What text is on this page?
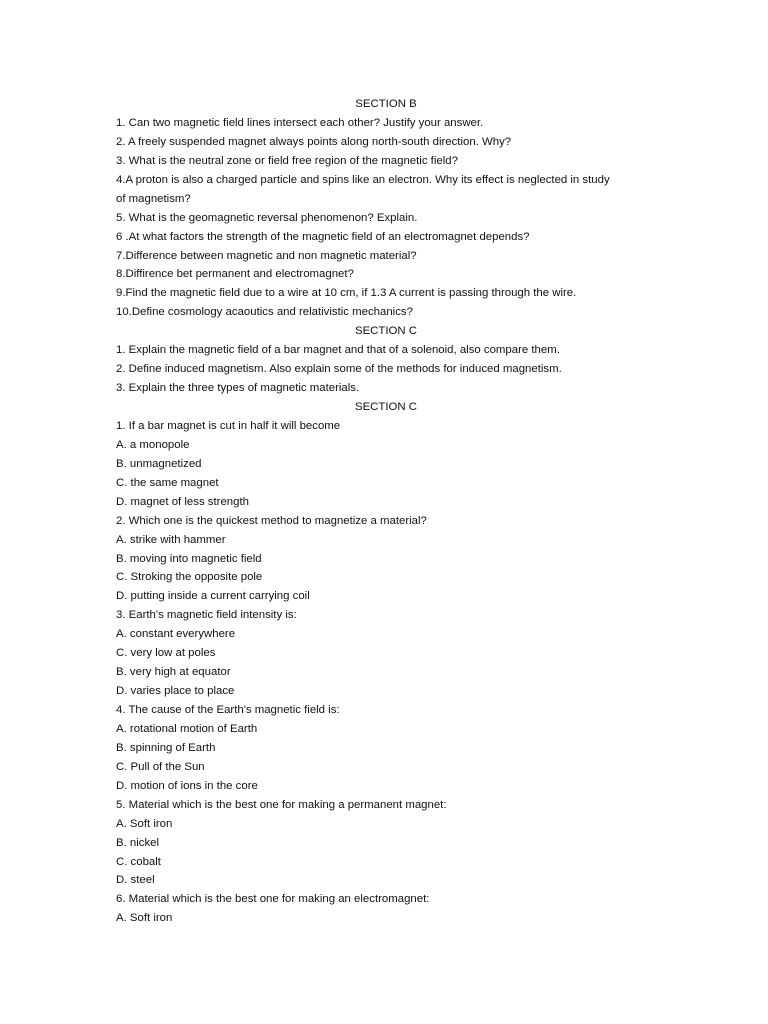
SECTION B
1. Can two magnetic field lines intersect each other? Justify your answer.
2. A freely suspended magnet always points along north-south direction. Why?
3. What is the neutral zone or field free region of the magnetic field?
4.A proton is also a charged particle and spins like an electron. Why its effect is neglected in study
of magnetism?
5. What is the geomagnetic reversal phenomenon? Explain.
6 .At what factors the strength of the magnetic field of an electromagnet depends?
7.Difference between magnetic and non magnetic material?
8.Diffirence bet permanent and electromagnet?
9.Find the magnetic field due to a wire at 10 cm, if 1.3 A current is passing through the wire.
10.Define cosmology acaoutics and relativistic mechanics?
SECTION C
1. Explain the magnetic field of a bar magnet and that of a solenoid, also compare them.
2. Define induced magnetism. Also explain some of the methods for induced magnetism.
3. Explain the three types of magnetic materials.
SECTION C
1. If a bar magnet is cut in half it will become
A. a monopole
B. unmagnetized
C. the same magnet
D. magnet of less strength
2. Which one is the quickest method to magnetize a material?
A. strike with hammer
B. moving into magnetic field
C. Stroking the opposite pole
D. putting inside a current carrying coil
3. Earth's magnetic field intensity is:
A. constant everywhere
C. very low at poles
B. very high at equator
D. varies place to place
4. The cause of the Earth's magnetic field is:
A. rotational motion of Earth
B. spinning of Earth
C. Pull of the Sun
D. motion of ions in the core
5. Material which is the best one for making a permanent magnet:
A. Soft iron
B. nickel
C. cobalt
D. steel
6. Material which is the best one for making an electromagnet:
A. Soft iron
